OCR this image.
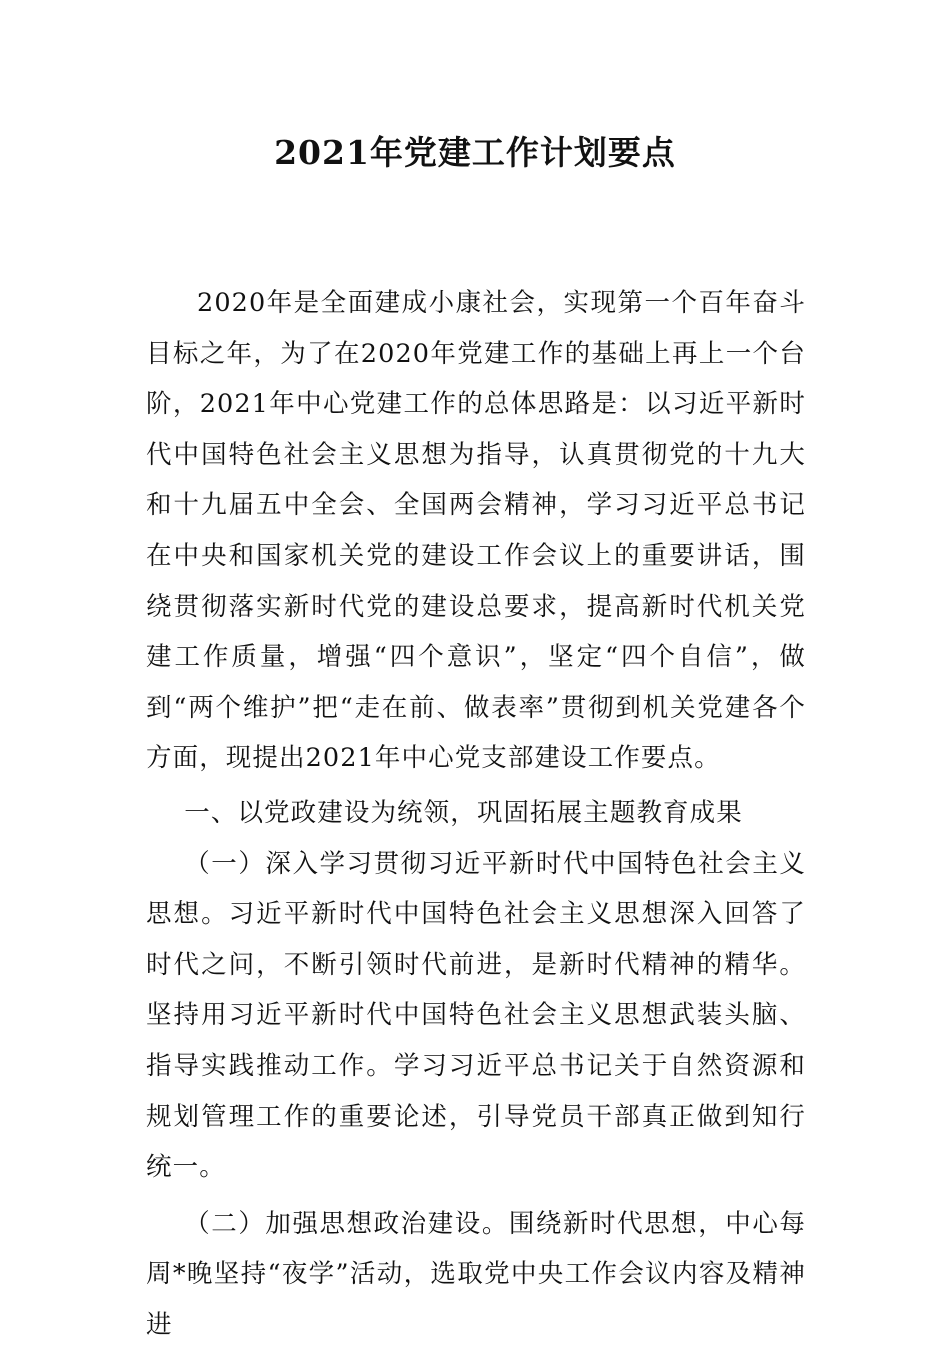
2021年党建工作计划要点

2020年是全面建成小康社会，实现第一个百年奋斗目标之年，为了在2020年党建工作的基础上再上一个台阶，2021年中心党建工作的总体思路是：以习近平新时代中国特色社会主义思想为指导，认真贯彻党的十九大和十九届五中全会、全国两会精神，学习习近平总书记在中央和国家机关党的建设工作会议上的重要讲话，围绕贯彻落实新时代党的建设总要求，提高新时代机关党建工作质量，增强“四个意识”，坚定“四个自信”，做到“两个维护”把“走在前、做表率”贯彻到机关党建各个方面，现提出2021年中心党支部建设工作要点。

一、以党政建设为统领，巩固拓展主题教育成果

（一）深入学习贯彻习近平新时代中国特色社会主义思想。习近平新时代中国特色社会主义思想深入回答了时代之问，不断引领时代前进，是新时代精神的精华。坚持用习近平新时代中国特色社会主义思想武装头脑、指导实践推动工作。学习习近平总书记关于自然资源和规划管理工作的重要论述，引导党员干部真正做到知行统一。

（二）加强思想政治建设。围绕新时代思想，中心每周*晚坚持“夜学”活动，选取党中央工作会议内容及精神进
